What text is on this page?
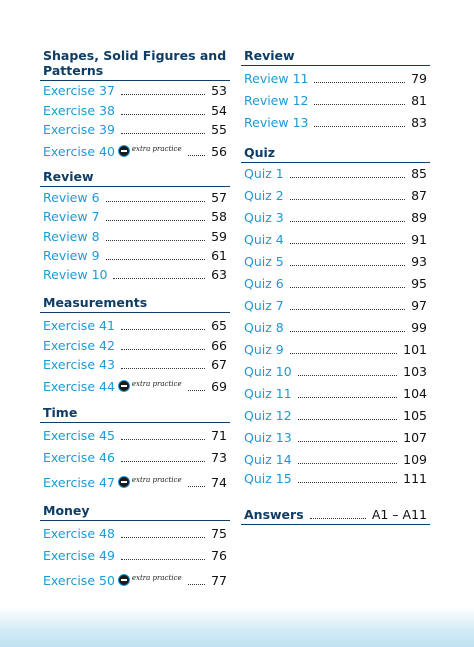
Shapes, Solid Figures and
Patterns
Exercise 37	53
Exercise 38	54
Exercise 39	55
Exercise 40 extra practice 56
Review
Review 6	57
Review 7	58
Review 8	59
Review 9	61
Review 10	63
Measurements
Exercise 41	65
Exercise 42	66
Exercise 43	67
Exercise 44 extra practice 69
Time
Exercise 45	71
Exercise 46	73
Exercise 47 extra practice 74
Money
Exercise 48	75
Exercise 49	76
Exercise 50 extra practice 77
Review
Review 11	79
Review 12	81
Review 13	83
Quiz
Quiz 1	85
Quiz 2	87
Quiz 3	89
Quiz 4	91
Quiz 5	93
Quiz 6	95
Quiz 7	97
Quiz 8	99
Quiz 9	101
Quiz 10	103
Quiz 11	104
Quiz 12	105
Quiz 13	107
Quiz 14	109
Quiz 15	111
Answers	A1 – A11
